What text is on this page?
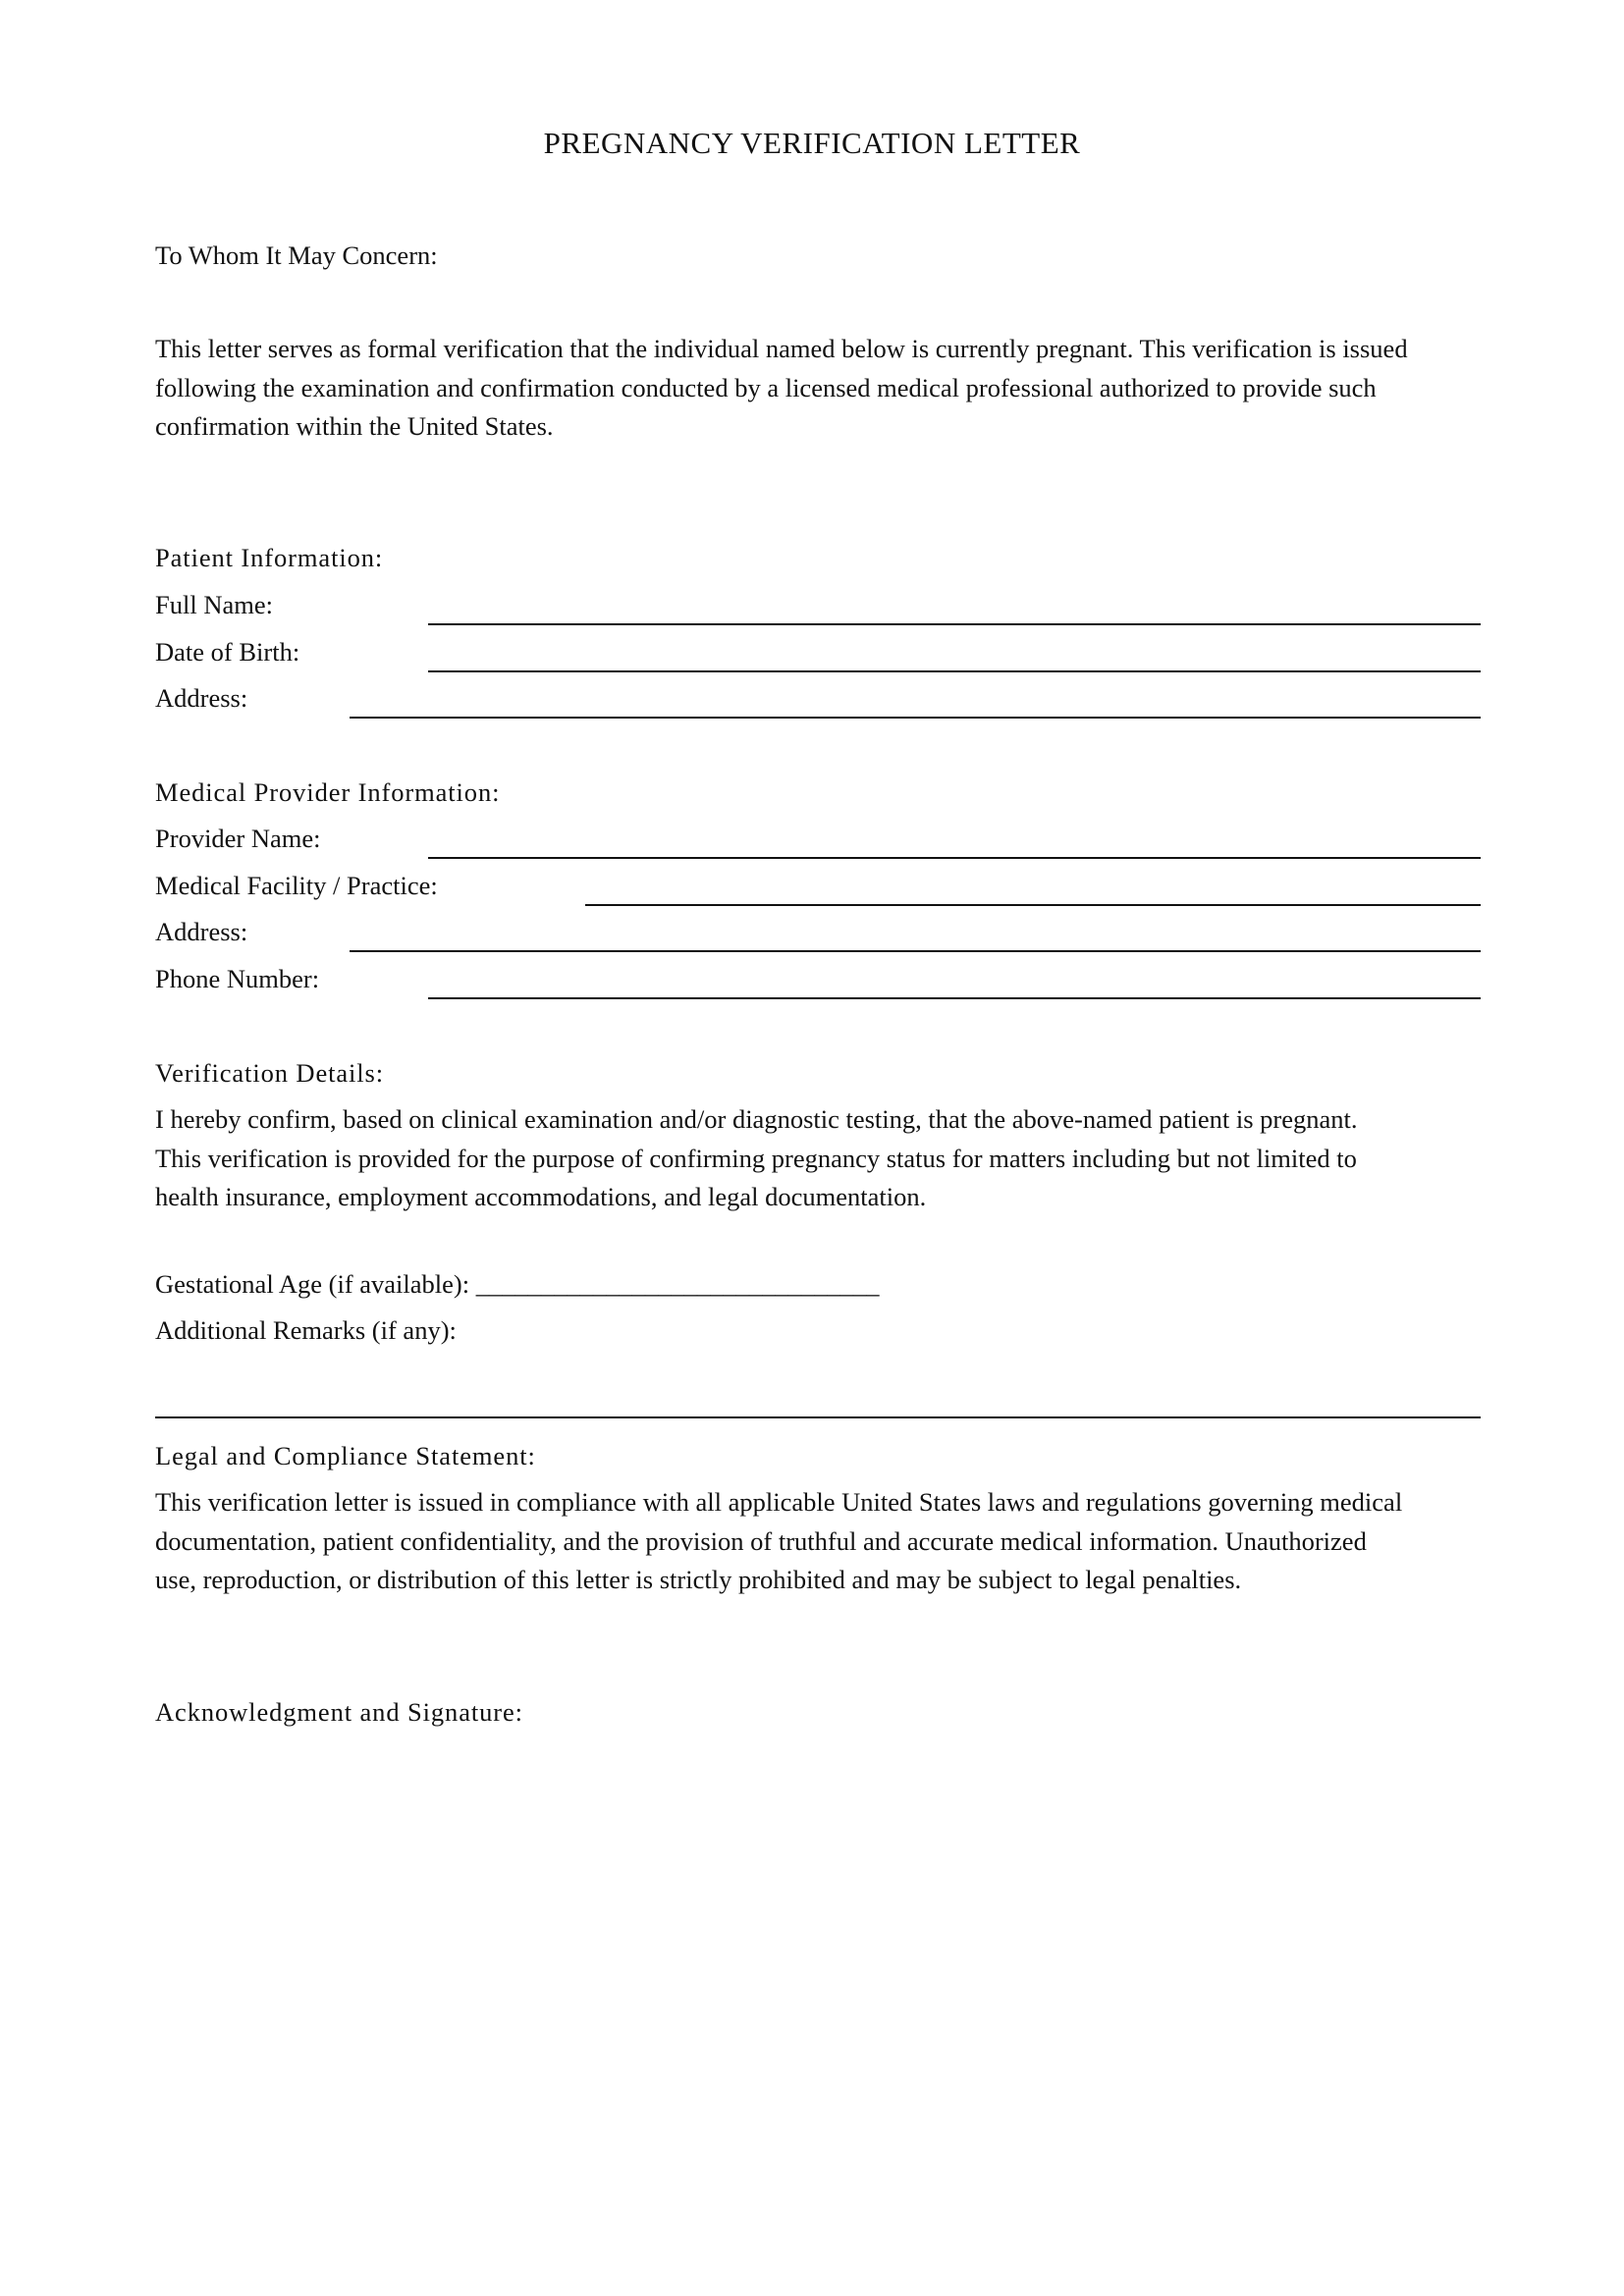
PREGNANCY VERIFICATION LETTER

To Whom It May Concern:

This letter serves as formal verification that the individual named below is currently pregnant. This verification is issued
following the examination and confirmation conducted by a licensed medical professional authorized to provide such
confirmation within the United States.

Patient Information:

Full Name:
Date of Birth:
Address:

Medical Provider Information:

Provider Name:
Medical Facility / Practice:
Address:
Phone Number:

Verification Details:

I hereby confirm, based on clinical examination and/or diagnostic testing, that the above-named patient is pregnant.
This verification is provided for the purpose of confirming pregnancy status for matters including but not limited to
health insurance, employment accommodations, and legal documentation.

Gestational Age (if available): _______________________________

Additional Remarks (if any):

Legal and Compliance Statement:

This verification letter is issued in compliance with all applicable United States laws and regulations governing medical
documentation, patient confidentiality, and the provision of truthful and accurate medical information. Unauthorized
use, reproduction, or distribution of this letter is strictly prohibited and may be subject to legal penalties.

Acknowledgment and Signature:
